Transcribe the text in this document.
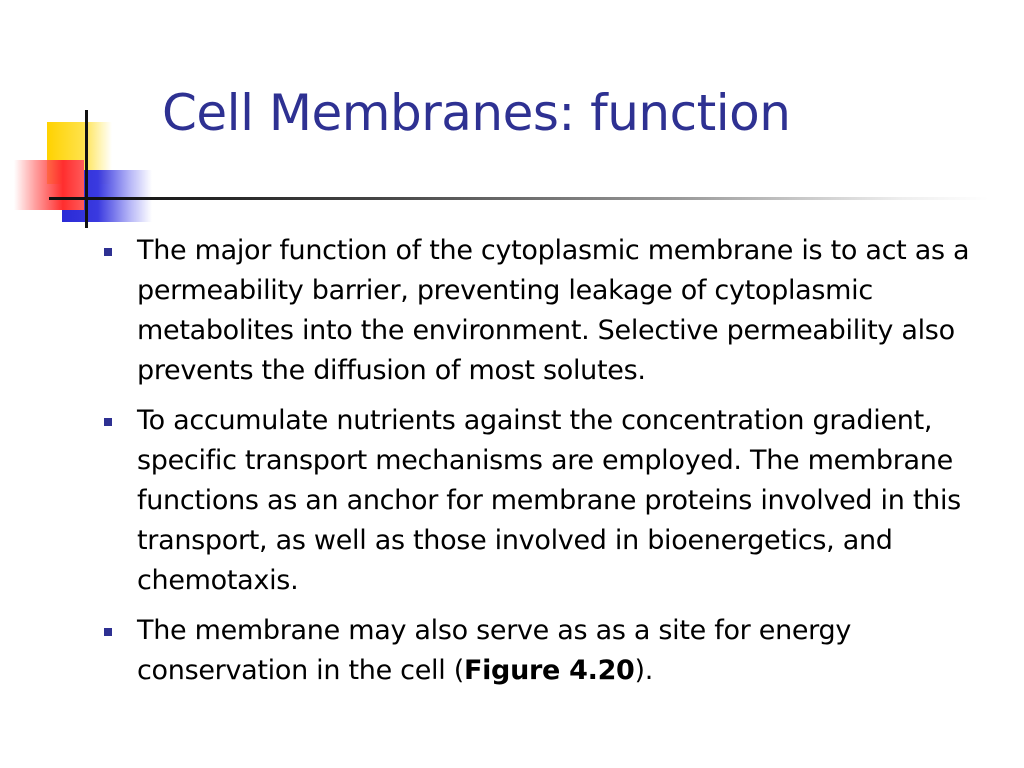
Cell Membranes: function
The major function of the cytoplasmic membrane is to act as a permeability barrier, preventing leakage of cytoplasmic metabolites into the environment. Selective permeability also prevents the diffusion of most solutes.
To accumulate nutrients against the concentration gradient, specific transport mechanisms are employed. The membrane functions as an anchor for membrane proteins involved in this transport, as well as those involved in bioenergetics, and chemotaxis.
The membrane may also serve as as a site for energy conservation in the cell (Figure 4.20).
